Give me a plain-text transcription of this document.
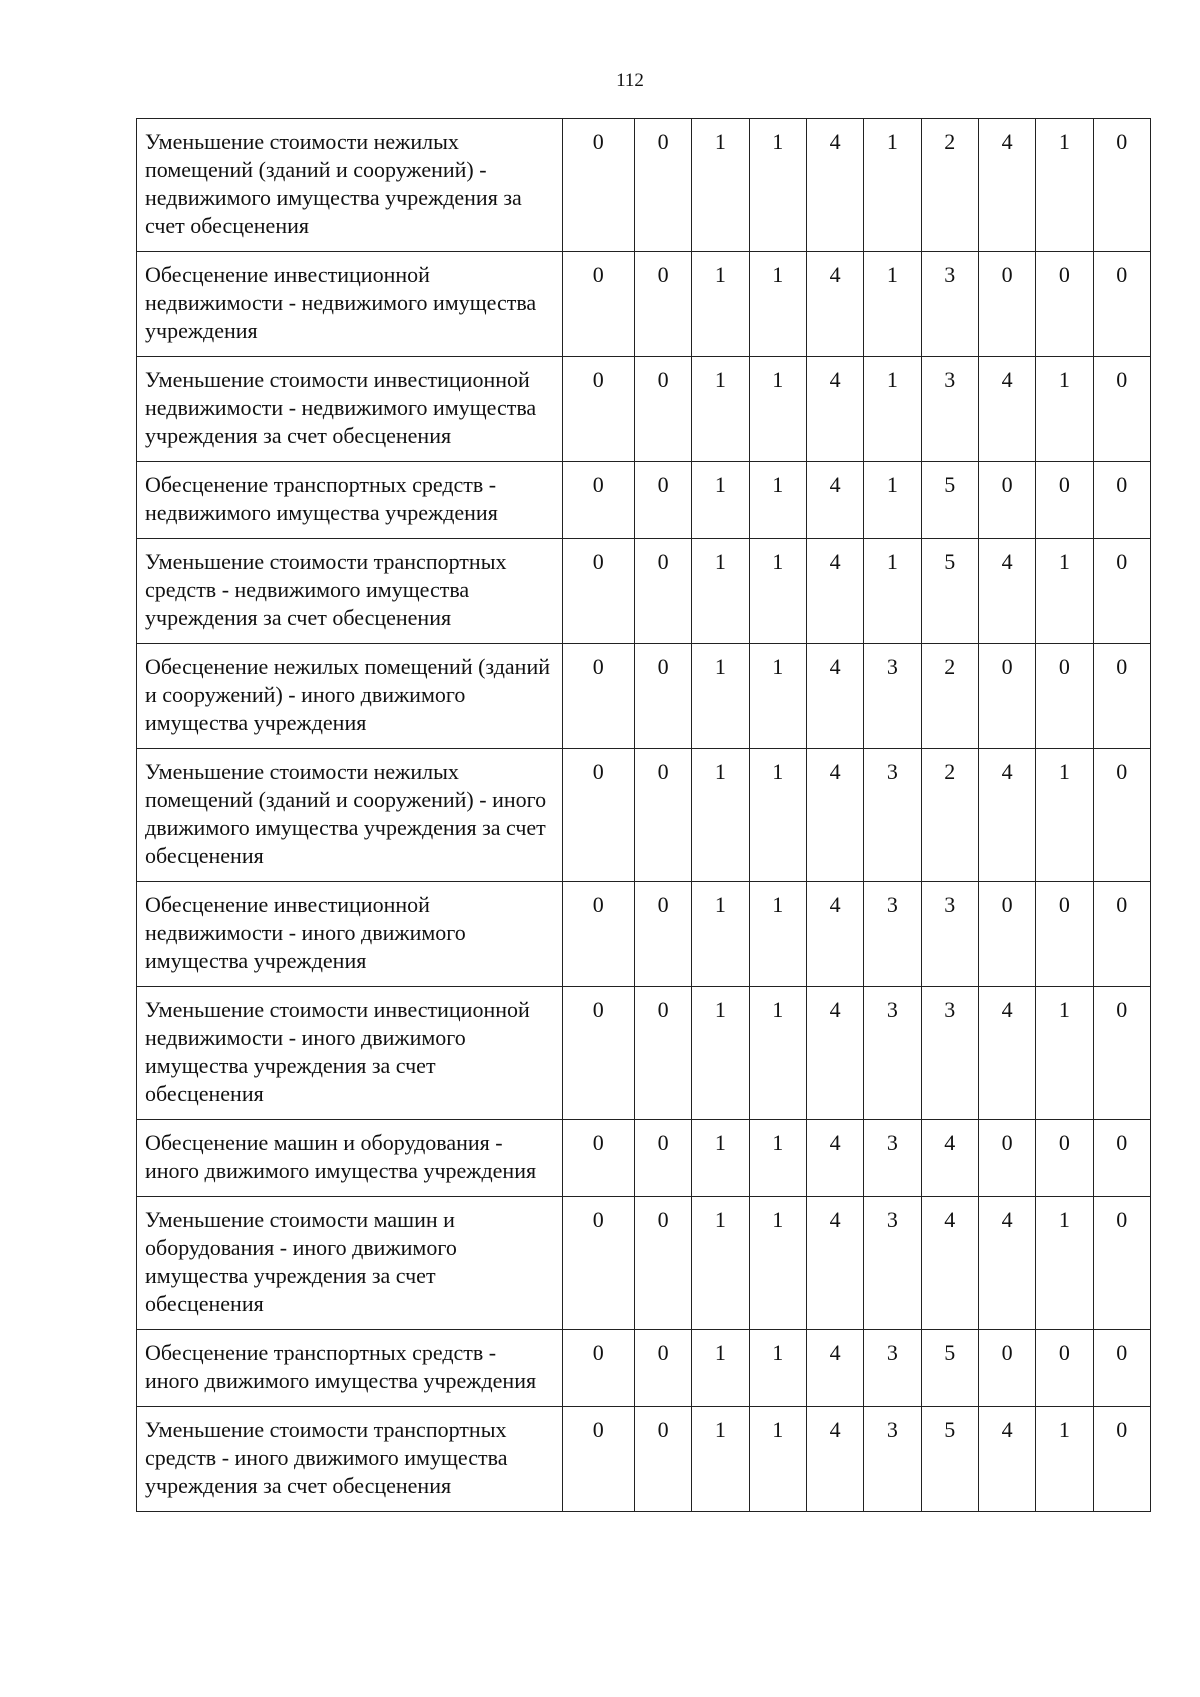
112
Уменьшение стоимости нежилых помещений (зданий и сооружений) - недвижимого имущества учреждения за счет обесценения	0	0	1	1	4	1	2	4	1	0
Обесценение инвестиционной недвижимости - недвижимого имущества учреждения	0	0	1	1	4	1	3	0	0	0
Уменьшение стоимости инвестиционной недвижимости - недвижимого имущества учреждения за счет обесценения	0	0	1	1	4	1	3	4	1	0
Обесценение транспортных средств - недвижимого имущества учреждения	0	0	1	1	4	1	5	0	0	0
Уменьшение стоимости транспортных средств - недвижимого имущества учреждения за счет обесценения	0	0	1	1	4	1	5	4	1	0
Обесценение нежилых помещений (зданий и сооружений) - иного движимого имущества учреждения	0	0	1	1	4	3	2	0	0	0
Уменьшение стоимости нежилых помещений (зданий и сооружений) - иного движимого имущества учреждения за счет обесценения	0	0	1	1	4	3	2	4	1	0
Обесценение инвестиционной недвижимости - иного движимого имущества учреждения	0	0	1	1	4	3	3	0	0	0
Уменьшение стоимости инвестиционной недвижимости - иного движимого имущества учреждения за счет обесценения	0	0	1	1	4	3	3	4	1	0
Обесценение машин и оборудования - иного движимого имущества учреждения	0	0	1	1	4	3	4	0	0	0
Уменьшение стоимости машин и оборудования - иного движимого имущества учреждения за счет обесценения	0	0	1	1	4	3	4	4	1	0
Обесценение транспортных средств - иного движимого имущества учреждения	0	0	1	1	4	3	5	0	0	0
Уменьшение стоимости транспортных средств - иного движимого имущества учреждения за счет обесценения	0	0	1	1	4	3	5	4	1	0
